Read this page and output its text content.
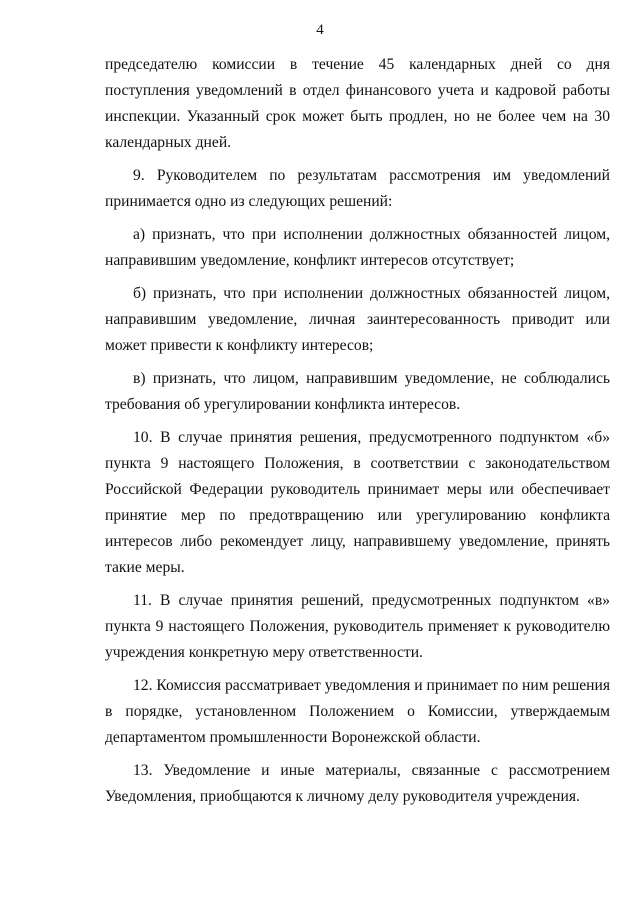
4

председателю комиссии в течение 45 календарных дней со дня поступления уведомлений в отдел финансового учета и кадровой работы инспекции. Указанный срок может быть продлен, но не более чем на 30 календарных дней.

9. Руководителем по результатам рассмотрения им уведомлений принимается одно из следующих решений:

а) признать, что при исполнении должностных обязанностей лицом, направившим уведомление, конфликт интересов отсутствует;

б) признать, что при исполнении должностных обязанностей лицом, направившим уведомление, личная заинтересованность приводит или может привести к конфликту интересов;

в) признать, что лицом, направившим уведомление, не соблюдались требования об урегулировании конфликта интересов.

10. В случае принятия решения, предусмотренного подпунктом «б» пункта 9 настоящего Положения, в соответствии с законодательством Российской Федерации руководитель принимает меры или обеспечивает принятие мер по предотвращению или урегулированию конфликта интересов либо рекомендует лицу, направившему уведомление, принять такие меры.

11. В случае принятия решений, предусмотренных подпунктом «в» пункта 9 настоящего Положения, руководитель применяет к руководителю учреждения конкретную меру ответственности.

12. Комиссия рассматривает уведомления и принимает по ним решения в порядке, установленном Положением о Комиссии, утверждаемым департаментом промышленности Воронежской области.

13. Уведомление и иные материалы, связанные с рассмотрением Уведомления, приобщаются к личному делу руководителя учреждения.
